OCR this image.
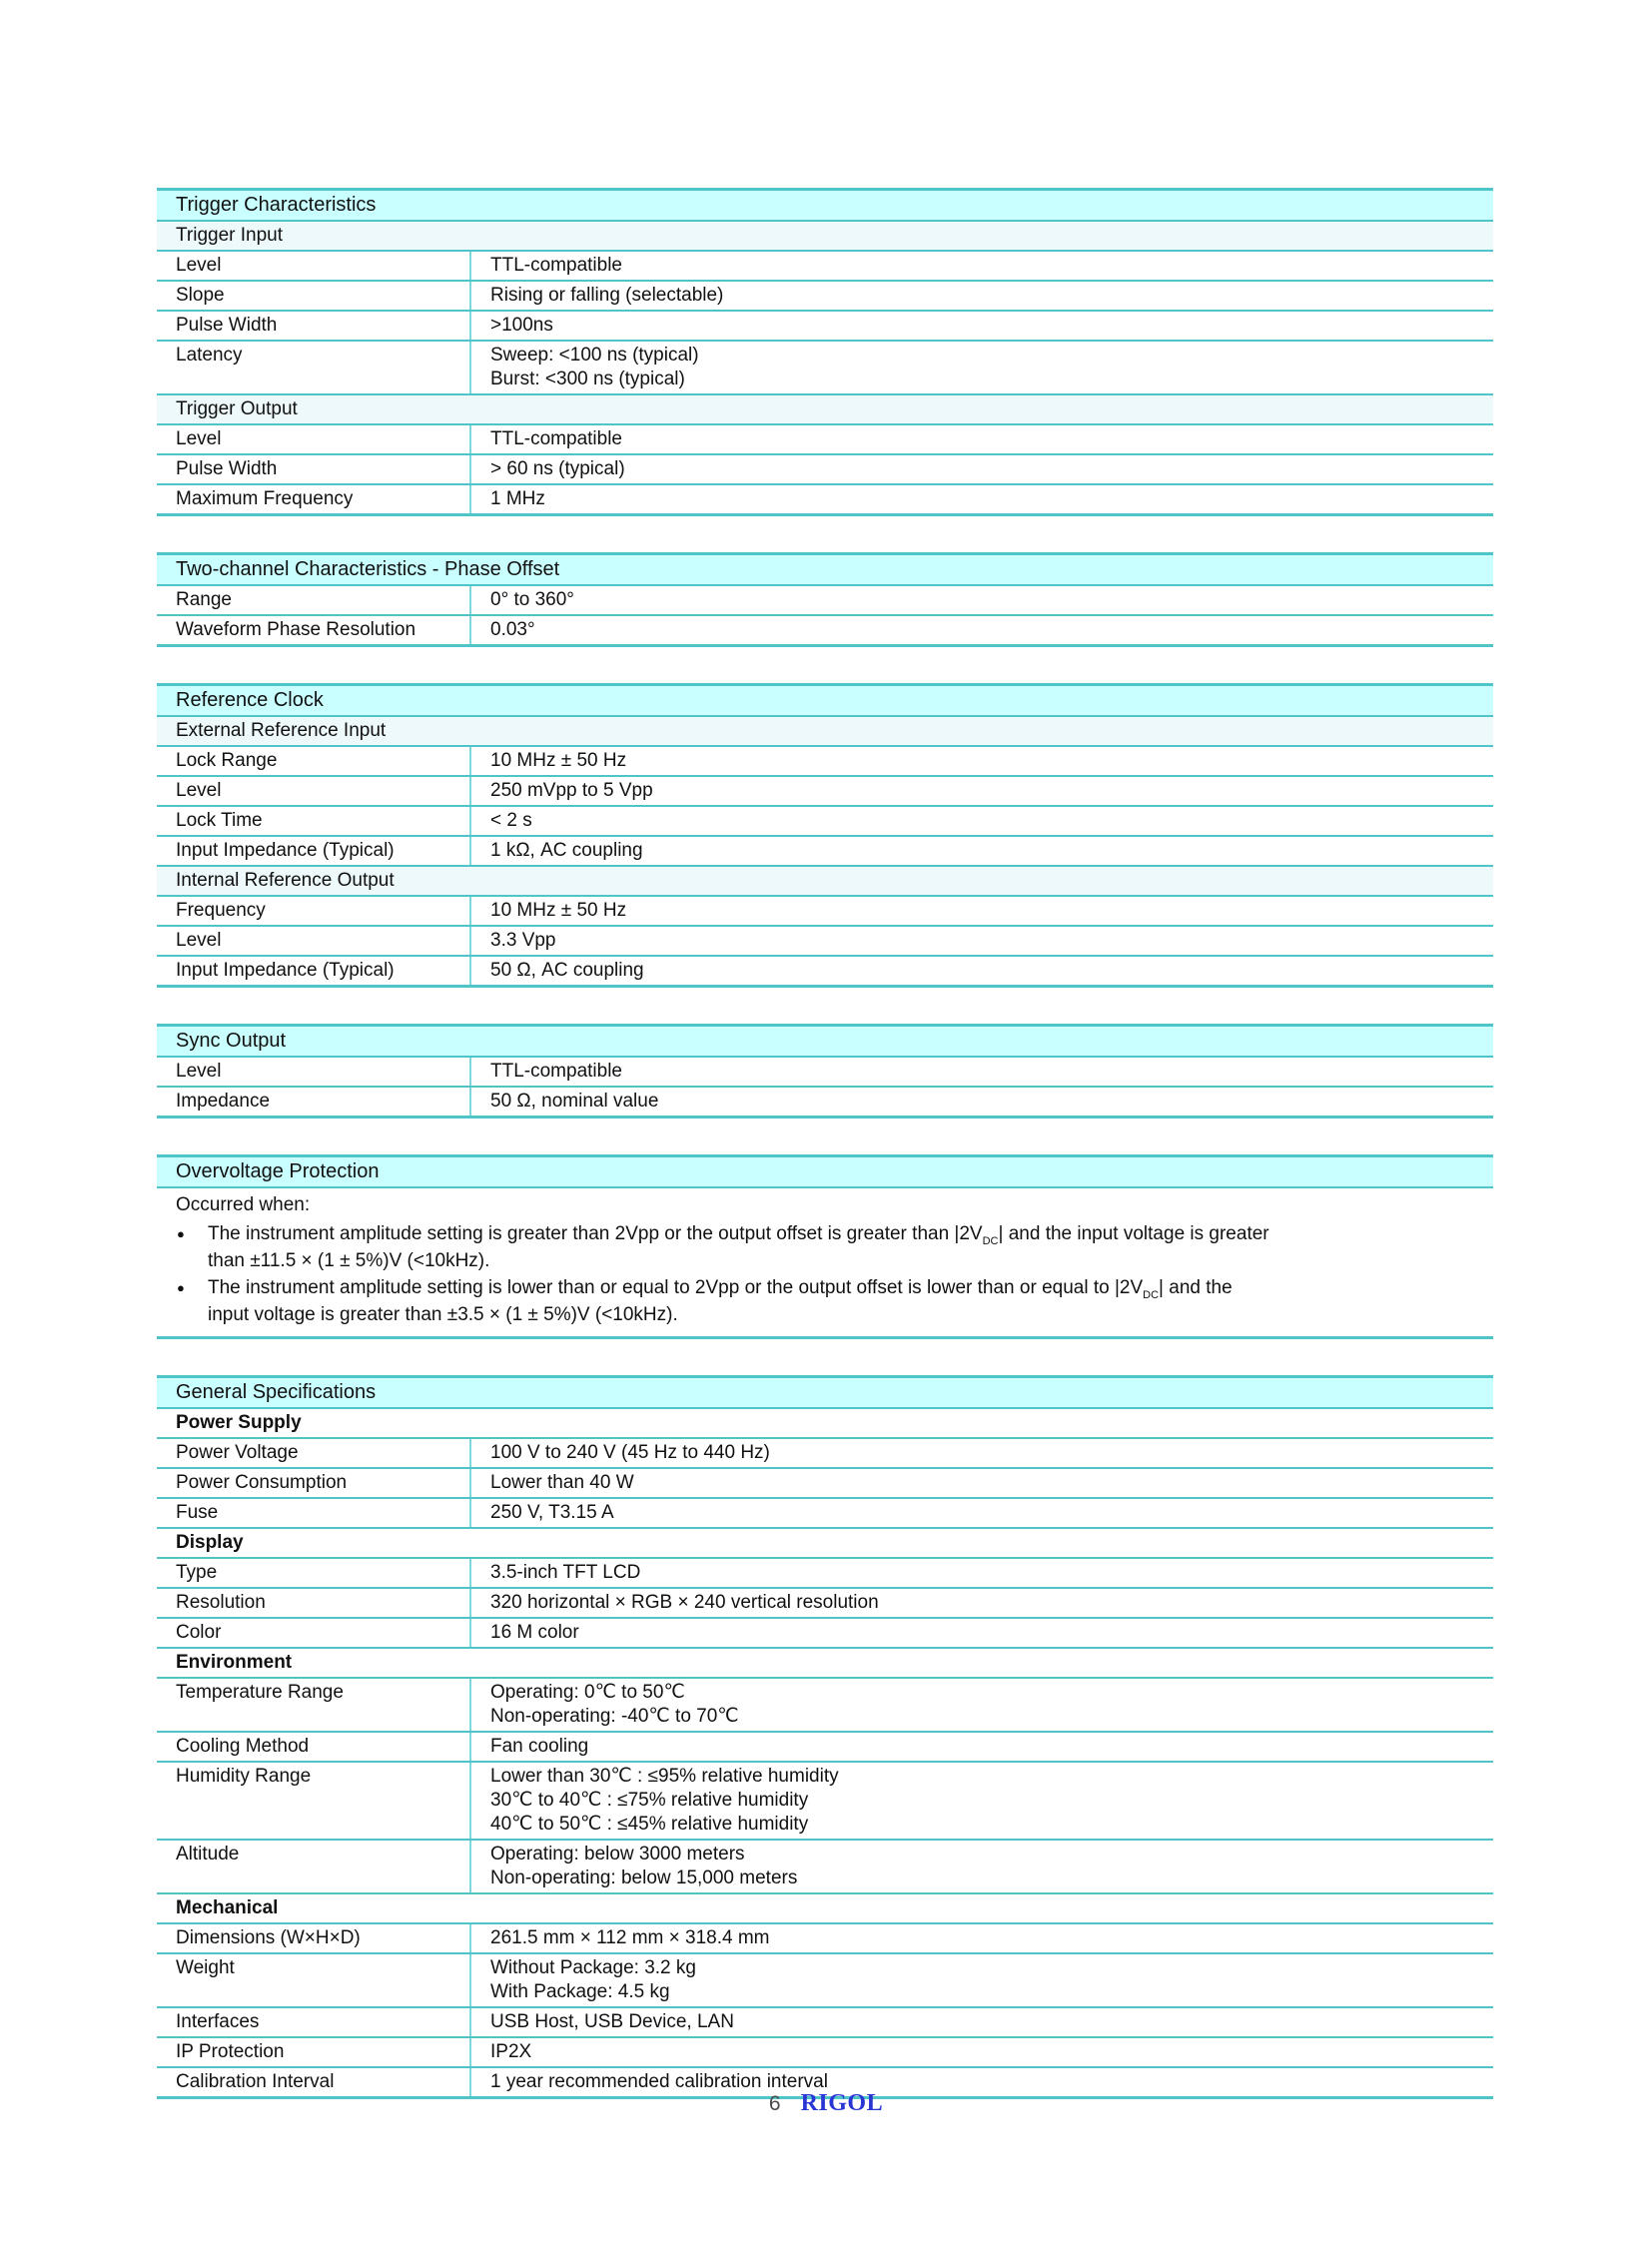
Trigger Characteristics
Trigger Input
Level	TTL-compatible
Slope	Rising or falling (selectable)
Pulse Width	>100ns
Latency	Sweep: <100 ns (typical)
Burst: <300 ns (typical)
Trigger Output
Level	TTL-compatible
Pulse Width	> 60 ns (typical)
Maximum Frequency	1 MHz
Two-channel Characteristics - Phase Offset
Range	0° to 360°
Waveform Phase Resolution	0.03°
Reference Clock
External Reference Input
Lock Range	10 MHz ± 50 Hz
Level	250 mVpp to 5 Vpp
Lock Time	< 2 s
Input Impedance (Typical)	1 kΩ, AC coupling
Internal Reference Output
Frequency	10 MHz ± 50 Hz
Level	3.3 Vpp
Input Impedance (Typical)	50 Ω, AC coupling
Sync Output
Level	TTL-compatible
Impedance	50 Ω, nominal value
Overvoltage Protection
Occurred when:
●	The instrument amplitude setting is greater than 2Vpp or the output offset is greater than $|2V_{DC}|$ and the input voltage is greater
than ±11.5 × (1 ± 5%)V (<10kHz).
●	The instrument amplitude setting is lower than or equal to 2Vpp or the output offset is lower than or equal to $|2V_{DC}|$ and the
input voltage is greater than ±3.5 × (1 ± 5%)V (<10kHz).
General Specifications
Power Supply
Power Voltage	100 V to 240 V (45 Hz to 440 Hz)
Power Consumption	Lower than 40 W
Fuse	250 V, T3.15 A
Display
Type	3.5-inch TFT LCD
Resolution	320 horizontal × RGB × 240 vertical resolution
Color	16 M color
Environment
Temperature Range	Operating: 0℃ to 50℃
Non-operating: -40℃ to 70℃
Cooling Method	Fan cooling
Humidity Range	Lower than 30℃ : ≤95% relative humidity
30℃ to 40℃ : ≤75% relative humidity
40℃ to 50℃ : ≤45% relative humidity
Altitude	Operating: below 3000 meters
Non-operating: below 15,000 meters
Mechanical
Dimensions (W×H×D)	261.5 mm × 112 mm × 318.4 mm
Weight	Without Package: 3.2 kg
With Package: 4.5 kg
Interfaces	USB Host, USB Device, LAN
IP Protection	IP2X
Calibration Interval	1 year recommended calibration interval
6 RIGOL
